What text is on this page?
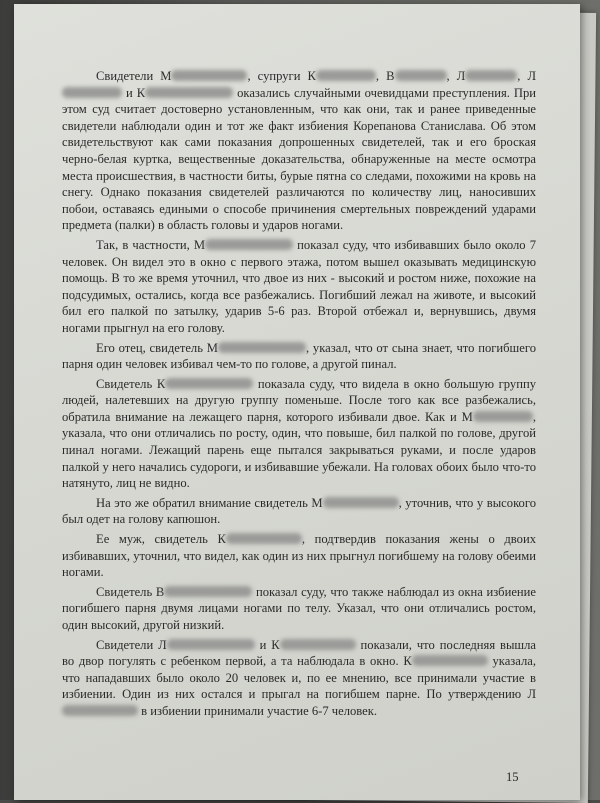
Свидетели М	, супруги К	, В	, Л	, Л и К	оказались случайными очевидцами преступления. При этом суд считает достоверно установленным, что как они, так и ранее приведенные свидетели наблюдали один и тот же факт избиения Корепанова Станислава. Об этом свидетельствуют как сами показания допрошенных свидетелей, так и его броская черно-белая куртка, вещественные доказательства, обнаруженные на месте осмотра места происшествия, в частности биты, бурые пятна со следами, похожими на кровь на снегу. Однако показания свидетелей различаются по количеству лиц, наносивших побои, оставаясь едиными о способе причинения смертельных повреждений ударами предмета (палки) в область головы и ударов ногами.

Так, в частности, М	показал суду, что избивавших было около 7 человек. Он видел это в окно с первого этажа, потом вышел оказывать медицинскую помощь. В то же время уточнил, что двое из них - высокий и ростом ниже, похожие на подсудимых, остались, когда все разбежались. Погибший лежал на животе, и высокий бил его палкой по затылку, ударив 5-6 раз. Второй отбежал и, вернувшись, двумя ногами прыгнул на его голову.

Его отец, свидетель М	, указал, что от сына знает, что погибшего парня один человек избивал чем-то по голове, а другой пинал.

Свидетель К	показала суду, что видела в окно большую группу людей, налетевших на другую группу поменьше. После того как все разбежались, обратила внимание на лежащего парня, которого избивали двое. Как и М	, указала, что они отличались по росту, один, что повыше, бил палкой по голове, другой пинал ногами. Лежащий парень еще пытался закрываться руками, и после ударов палкой у него начались судороги, и избивавшие убежали. На головах обоих было что-то натянуто, лиц не видно.

На это же обратил внимание свидетель М	, уточнив, что у высокого был одет на голову капюшон.

Ее муж, свидетель К	, подтвердив показания жены о двоих избивавших, уточнил, что видел, как один из них прыгнул погибшему на голову обеими ногами.

Свидетель В	показал суду, что также наблюдал из окна избиение погибшего парня двумя лицами ногами по телу. Указал, что они отличались ростом, один высокий, другой низкий.

Свидетели Л	и К	показали, что последняя вышла во двор погулять с ребенком первой, а та наблюдала в окно. К	указала, что нападавших было около 20 человек и, по ее мнению, все принимали участие в избиении. Один из них остался и прыгал на погибшем парне. По утверждению Л в избиении принимали участие 6-7 человек.

15
